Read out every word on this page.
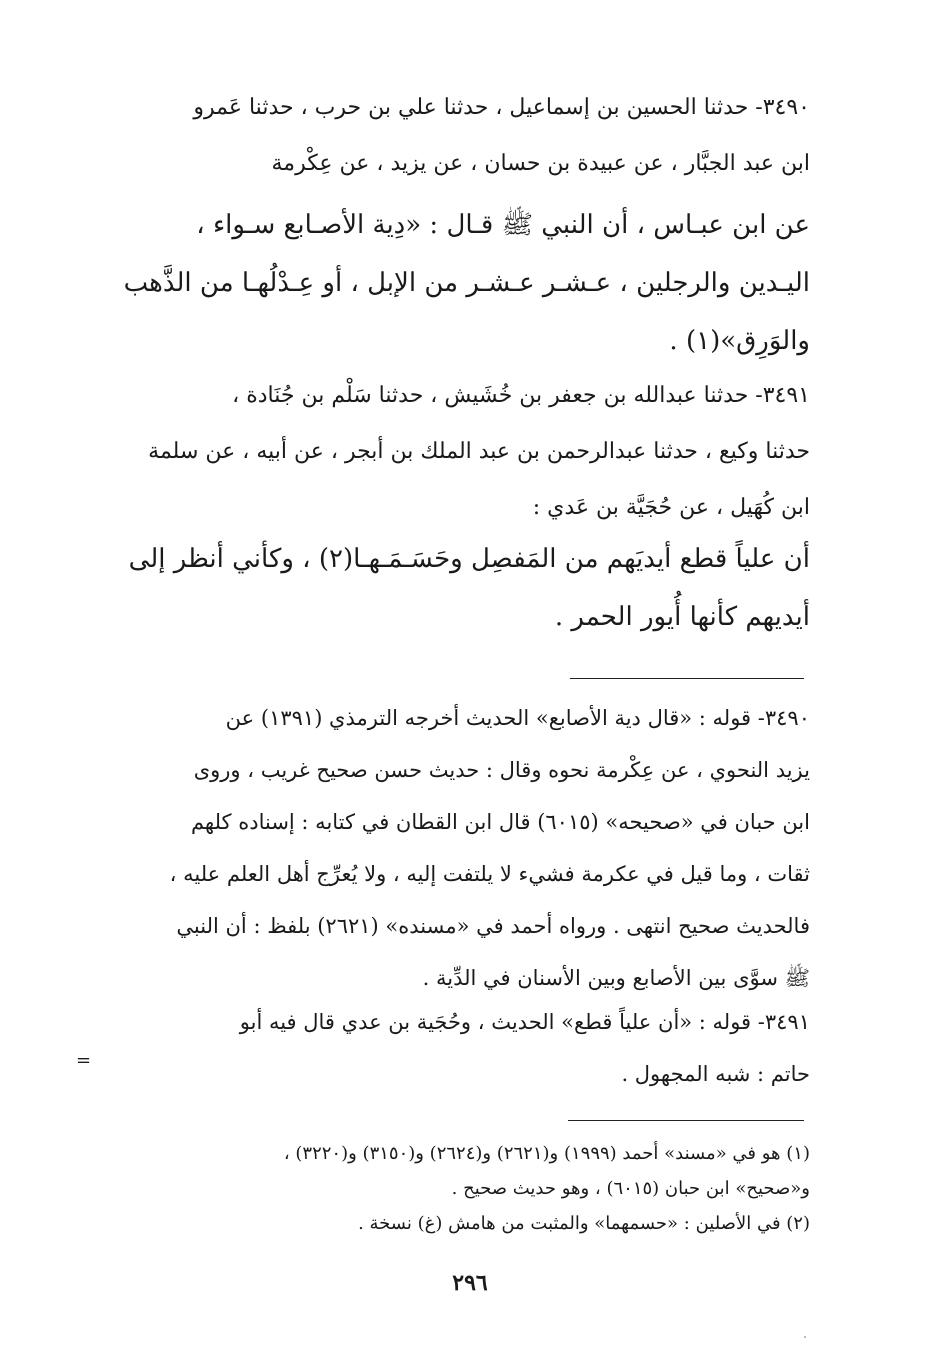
٣٤٩٠- حدثنا الحسين بن إسماعيل ، حدثنا علي بن حرب ، حدثنا عَمرو
ابن عبد الجبَّار ، عن عبيدة بن حسان ، عن يزيد ، عن عِكْرمة
عن ابن عبـاس ، أن النبي ﷺ قـال : «دِية الأصـابع سـواء ،
اليـدين والرجلين ، عـشـر عـشـر من الإبل ، أو عِـدْلُهـا من الذَّهب
والوَرِق»(١) .
٣٤٩١- حدثنا عبدالله بن جعفر بن خُشَيش ، حدثنا سَلْم بن جُنَادة ،
حدثنا وكيع ، حدثنا عبدالرحمن بن عبد الملك بن أبجر ، عن أبيه ، عن سلمة
ابن كُهَيل ، عن حُجَيَّة بن عَدي :
أن علياً قطع أيديَهم من المَفصِل وحَسَـمَـهـا(٢) ، وكأني أنظر إلى
أيديهم كأنها أُيور الحمر .
٣٤٩٠- قوله : «قال دية الأصابع» الحديث أخرجه الترمذي (١٣٩١) عن
يزيد النحوي ، عن عِكْرمة نحوه وقال : حديث حسن صحيح غريب ، وروى
ابن حبان في «صحيحه» (٦٠١٥) قال ابن القطان في كتابه : إسناده كلهم
ثقات ، وما قيل في عكرمة فشيء لا يلتفت إليه ، ولا يُعرِّج أهل العلم عليه ،
فالحديث صحيح انتهى . ورواه أحمد في «مسنده» (٢٦٢١) بلفظ : أن النبي
ﷺ سوَّى بين الأصابع وبين الأسنان في الدِّية .
٣٤٩١- قوله : «أن علياً قطع» الحديث ، وحُجَية بن عدي قال فيه أبو
حاتم : شبه المجهول .
=
(١) هو في «مسند» أحمد (١٩٩٩) و(٢٦٢١) و(٢٦٢٤) و(٣١٥٠) و(٣٢٢٠) ،
و«صحيح» ابن حبان (٦٠١٥) ، وهو حديث صحيح .
(٢) في الأصلين : «حسمهما» والمثبت من هامش (غ) نسخة .
٢٩٦
